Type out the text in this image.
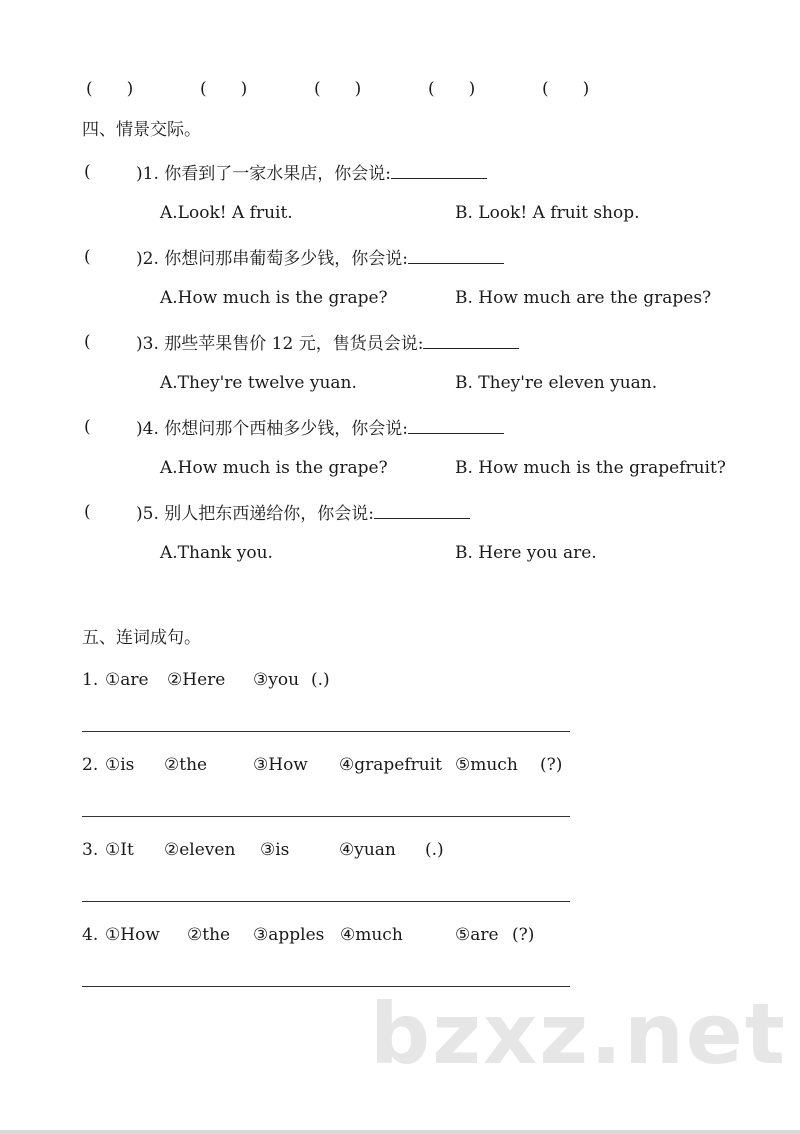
(　　)	(　　)	(　　)	(　　)	(　　)
四、情景交际。
(	)1. 你看到了一家水果店，你会说:
A.Look! A fruit.	B. Look! A fruit shop.
(	)2. 你想问那串葡萄多少钱，你会说:
A.How much is the grape?	B. How much are the grapes?
(	)3. 那些苹果售价 12 元，售货员会说:
A.They're twelve yuan.	B. They're eleven yuan.
(	)4. 你想问那个西柚多少钱，你会说:
A.How much is the grape?	B. How much is the grapefruit?
(	)5. 别人把东西递给你，你会说:
A.Thank you.	B. Here you are.
五、连词成句。
1. ①are ②Here ③you (.)
2. ①is ②the	③How ④grapefruit ⑤much (?)
3. ①It ②eleven ③is	④yuan (.)
4. ①How ②the ③apples ④much	⑤are (?)
bzxz.net
